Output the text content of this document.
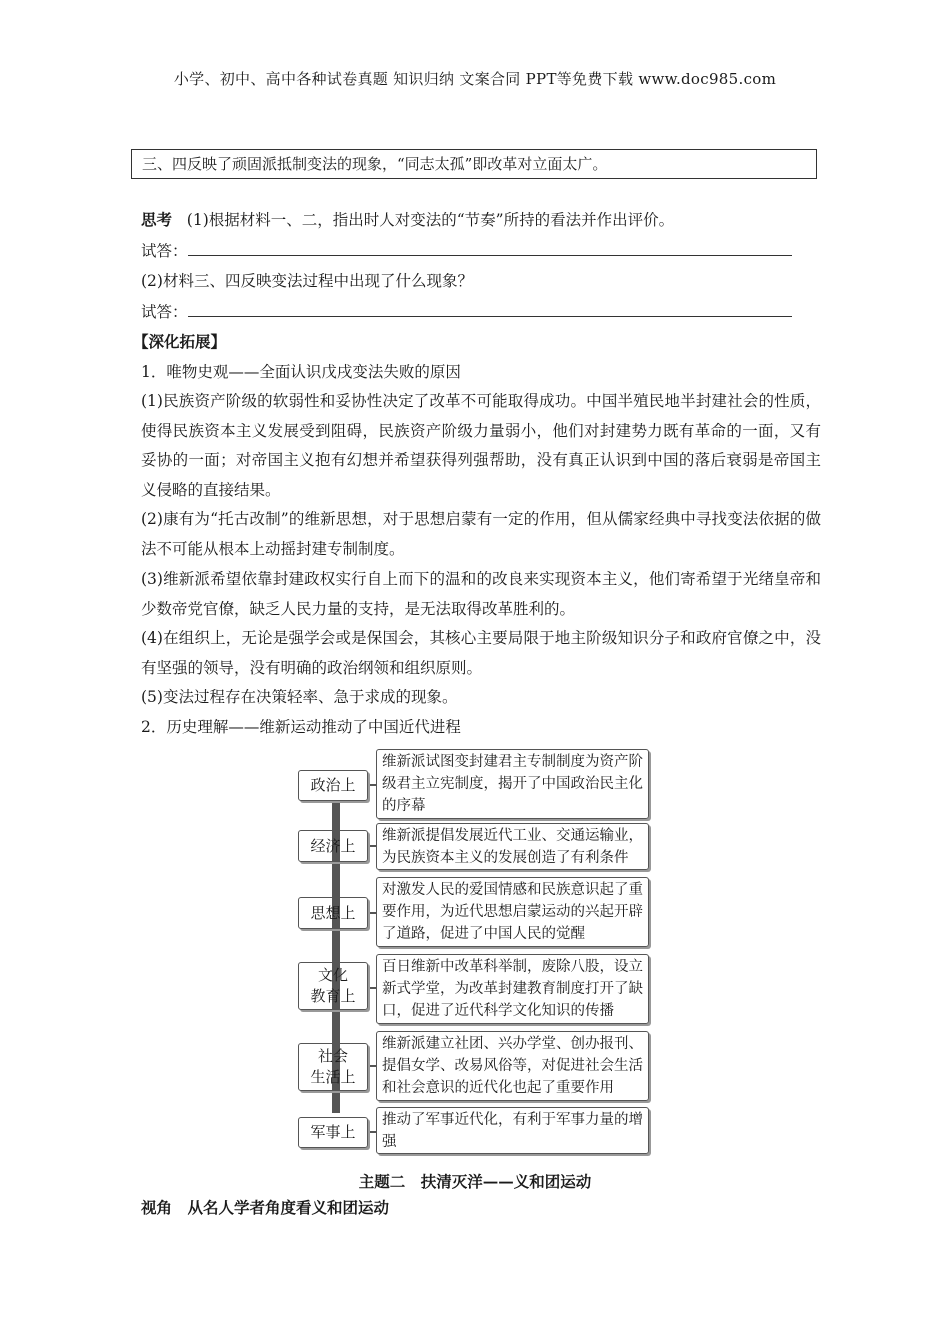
小学、初中、高中各种试卷真题 知识归纳 文案合同 PPT等免费下载 www.doc985.com
三、四反映了顽固派抵制变法的现象，“同志太孤”即改革对立面太广。
思考 (1)根据材料一、二，指出时人对变法的“节奏”所持的看法并作出评价。
试答：
(2)材料三、四反映变法过程中出现了什么现象？
试答：
【深化拓展】
1．唯物史观——全面认识戊戌变法失败的原因
(1)民族资产阶级的软弱性和妥协性决定了改革不可能取得成功。中国半殖民地半封建社会的性质，使得民族资本主义发展受到阻碍，民族资产阶级力量弱小，他们对封建势力既有革命的一面，又有妥协的一面；对帝国主义抱有幻想并希望获得列强帮助，没有真正认识到中国的落后衰弱是帝国主义侵略的直接结果。
(2)康有为“托古改制”的维新思想，对于思想启蒙有一定的作用，但从儒家经典中寻找变法依据的做法不可能从根本上动摇封建专制制度。
(3)维新派希望依靠封建政权实行自上而下的温和的改良来实现资本主义，他们寄希望于光绪皇帝和少数帝党官僚，缺乏人民力量的支持，是无法取得改革胜利的。
(4)在组织上，无论是强学会或是保国会，其核心主要局限于地主阶级知识分子和政府官僚之中，没有坚强的领导，没有明确的政治纲领和组织原则。
(5)变法过程存在决策轻率、急于求成的现象。
2．历史理解——维新运动推动了中国近代进程
政治上
维新派试图变封建君主专制制度为资产阶级君主立宪制度，揭开了中国政治民主化的序幕
经济上
维新派提倡发展近代工业、交通运输业，为民族资本主义的发展创造了有利条件
思想上
对激发人民的爱国情感和民族意识起了重要作用，为近代思想启蒙运动的兴起开辟了道路，促进了中国人民的觉醒
文化
教育上
百日维新中改革科举制，废除八股，设立新式学堂，为改革封建教育制度打开了缺口，促进了近代科学文化知识的传播
社会
生活上
维新派建立社团、兴办学堂、创办报刊、提倡女学、改易风俗等，对促进社会生活和社会意识的近代化也起了重要作用
军事上
推动了军事近代化，有利于军事力量的增强
主题二　扶清灭洋——义和团运动
视角　从名人学者角度看义和团运动
